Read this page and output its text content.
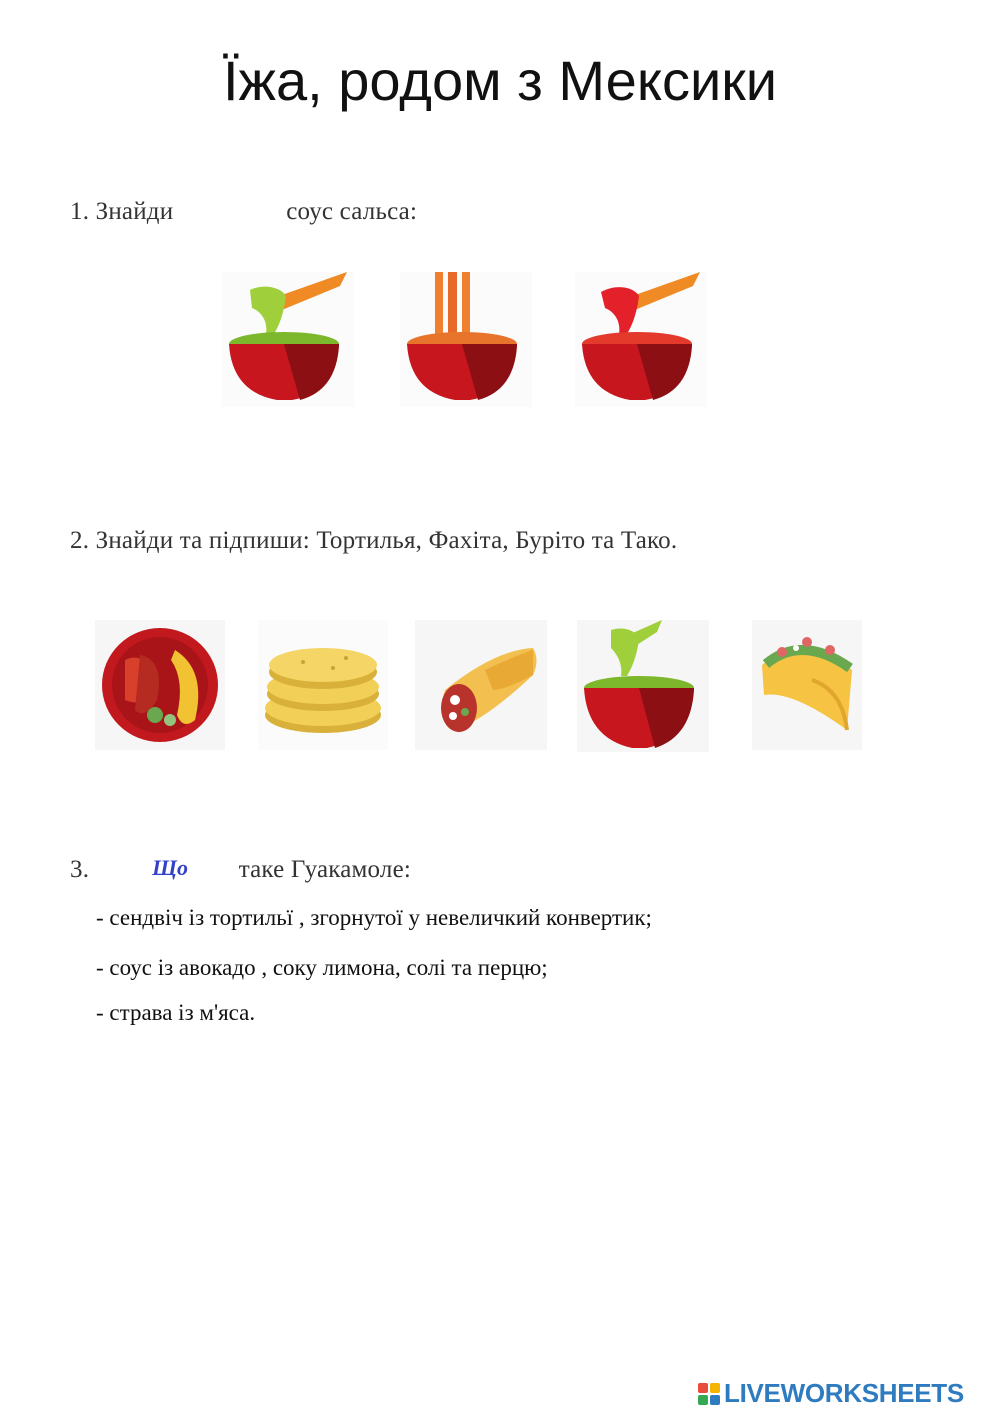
Їжа, родом з Мексики
1. Знайди	соус сальса:
2. Знайди та підпиши: Тортилья, Фахіта, Буріто та Тако.
3.	Що таке Гуакамоле:
- сендвіч із тортильї , згорнутої у невеличкий конвертик;
- соус із авокадо , соку лимона, солі та перцю;
- страва із м'яса.
LIVEWORKSHEETS
